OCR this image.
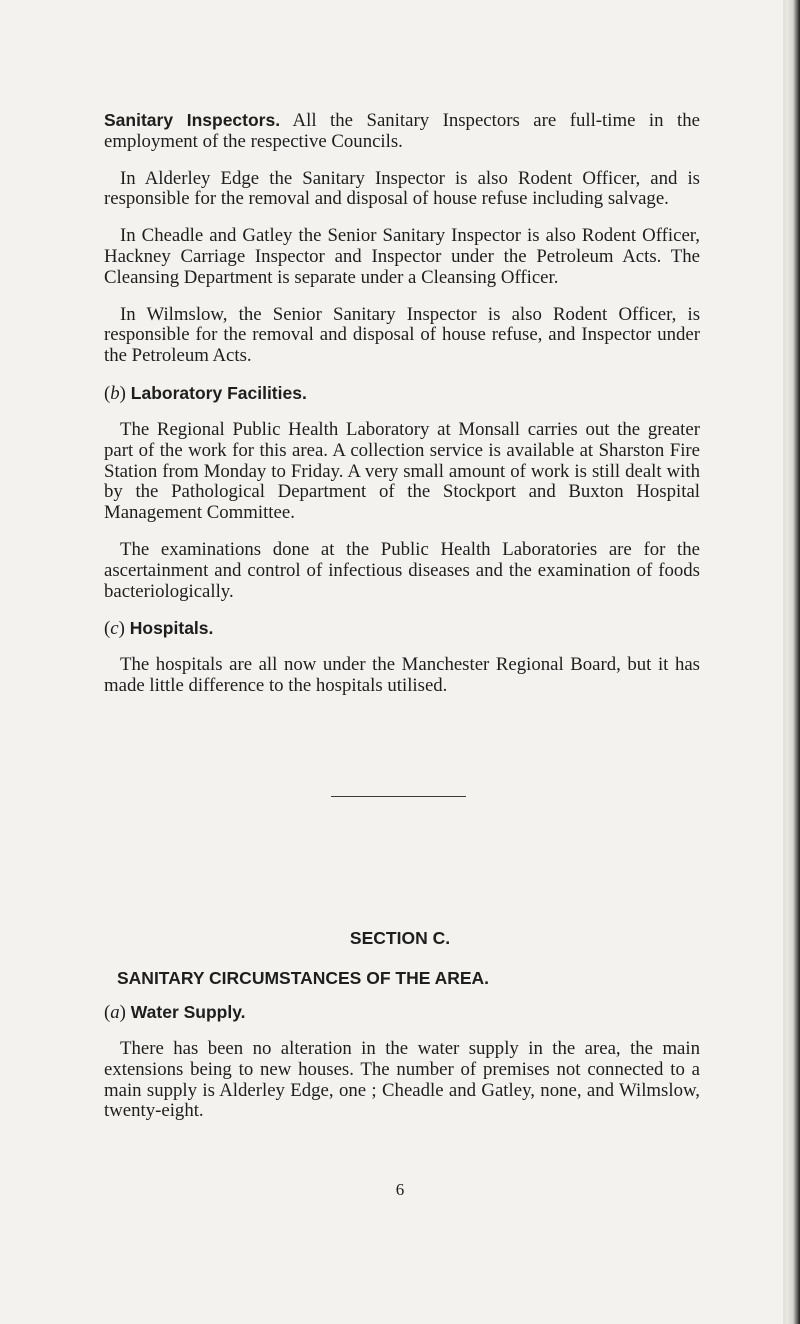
Sanitary Inspectors. All the Sanitary Inspectors are full-time in the employment of the respective Councils.

In Alderley Edge the Sanitary Inspector is also Rodent Officer, and is responsible for the removal and disposal of house refuse including salvage.

In Cheadle and Gatley the Senior Sanitary Inspector is also Rodent Officer, Hackney Carriage Inspector and Inspector under the Petroleum Acts. The Cleansing Department is separate under a Cleansing Officer.

In Wilmslow, the Senior Sanitary Inspector is also Rodent Officer, is responsible for the removal and disposal of house refuse, and Inspector under the Petroleum Acts.

(b) Laboratory Facilities.

The Regional Public Health Laboratory at Monsall carries out the greater part of the work for this area. A collection service is available at Sharston Fire Station from Monday to Friday. A very small amount of work is still dealt with by the Pathological Department of the Stockport and Buxton Hospital Management Committee.

The examinations done at the Public Health Laboratories are for the ascertainment and control of infectious diseases and the examination of foods bacteriologically.

(c) Hospitals.

The hospitals are all now under the Manchester Regional Board, but it has made little difference to the hospitals utilised.

SECTION C.
SANITARY CIRCUMSTANCES OF THE AREA.
(a) Water Supply.

There has been no alteration in the water supply in the area, the main extensions being to new houses. The number of premises not connected to a main supply is Alderley Edge, one ; Cheadle and Gatley, none, and Wilmslow, twenty-eight.

6
